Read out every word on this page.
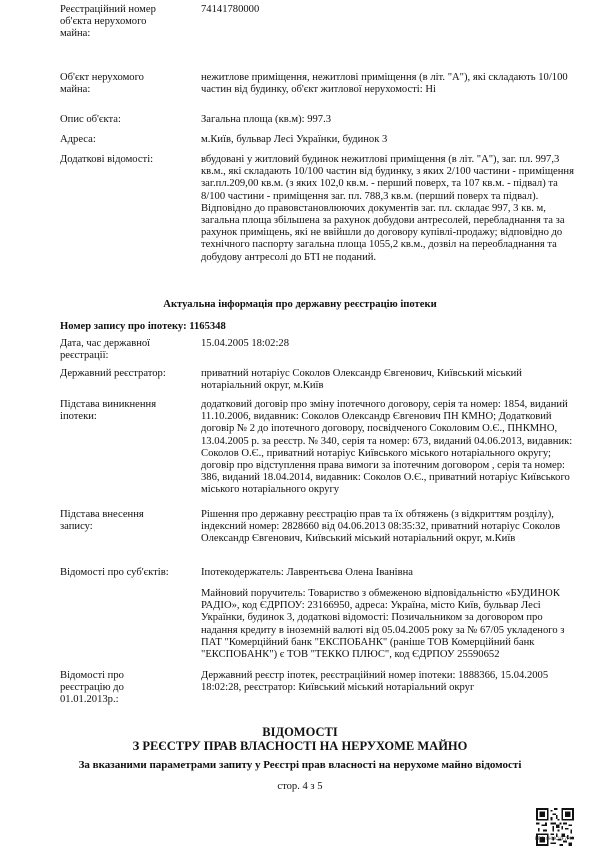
Реєстраційний номер об'єкта нерухомого майна:
74141780000
Об'єкт нерухомого майна:
нежитлове приміщення, нежитлові приміщення (в літ. "А"), які складають 10/100 частин від будинку, об'єкт житлової нерухомості: Ні
Опис об'єкта:	Загальна площа (кв.м): 997.3
Адреса:	м.Київ, бульвар Лесі Українки, будинок 3
Додаткові відомості:	вбудовані у житловий будинок нежитлові приміщення (в літ. "А"), заг. пл. 997,3 кв.м., які складають 10/100 частин від будинку, з яких 2/100 частини - приміщення заг.пл.209,00 кв.м. (з яких 102,0 кв.м. - перший поверх, та 107 кв.м. - підвал) та 8/100 частини - приміщення заг. пл. 788,3 кв.м. (перший поверх та підвал). Відповідно до правовстановлюючих документів заг. пл. складає 997, 3 кв. м, загальна площа збільшена за рахунок добудови антресолей, перебладнання та за рахунок приміщень, які не ввійшли до договору купівлі-продажу; відповідно до технічного паспорту загальна площа 1055,2 кв.м., дозвіл на переобладнання та добудову антресолі до БТІ не поданий.
Актуальна інформація про державну реєстрацію іпотеки
Номер запису про іпотеку: 1165348
Дата, час державної реєстрації:
15.04.2005 18:02:28
Державний реєстратор:	приватний нотаріус Соколов Олександр Євгенович, Київський міський нотаріальний округ, м.Київ
Підстава виникнення іпотеки:
додатковий договір про зміну іпотечного договору, серія та номер: 1854, виданий 11.10.2006, видавник: Соколов Олександр Євгенович ПН КМНО; Додатковий договір № 2 до іпотечного договору, посвідченого Соколовим О.Є., ПНКМНО, 13.04.2005 р. за реєстр. № 340, серія та номер: 673, виданий 04.06.2013, видавник: Соколов О.Є., приватний нотаріус Київського міського нотаріального округу; договір про відступлення права вимоги за іпотечним договором , серія та номер: 386, виданий 18.04.2014, видавник: Соколов О.Є., приватний нотаріус Київського міського нотаріального округу
Підстава внесення запису:
Рішення про державну реєстрацію прав та їх обтяжень (з відкриттям розділу), індексний номер: 2828660 від 04.06.2013 08:35:32, приватний нотаріус Соколов Олександр Євгенович, Київський міський нотаріальний округ, м.Київ
Відомості про суб'єктів:	Іпотекодержатель: Лаврентьєва Олена Іванівна
Майновий поручитель: Товариство з обмеженою відповідальністю «БУДИНОК РАДІО», код ЄДРПОУ: 23166950, адреса: Україна, місто Київ, бульвар Лесі Українки, будинок 3, додаткові відомості: Позичальником за договором про надання кредиту в іноземній валюті від 05.04.2005 року за № 67/05 укладеного з ПАТ "Комерційний банк "ЕКСПОБАНК" (раніше ТОВ Комерційний банк "ЕКСПОБАНК") є ТОВ "ТЕККО ПЛЮС", код ЄДРПОУ 25590652
Відомості про реєстрацію до 01.01.2013р.:
Державний реєстр іпотек, реєстраційний номер іпотеки: 1888366, 15.04.2005 18:02:28, реєстратор: Київський міський нотаріальний округ
ВІДОМОСТІ
З РЕЄСТРУ ПРАВ ВЛАСНОСТІ НА НЕРУХОМЕ МАЙНО
За вказаними параметрами запиту у Реєстрі прав власності на нерухоме майно відомості
стор. 4 з 5
RRP-4HHCHF7MS
